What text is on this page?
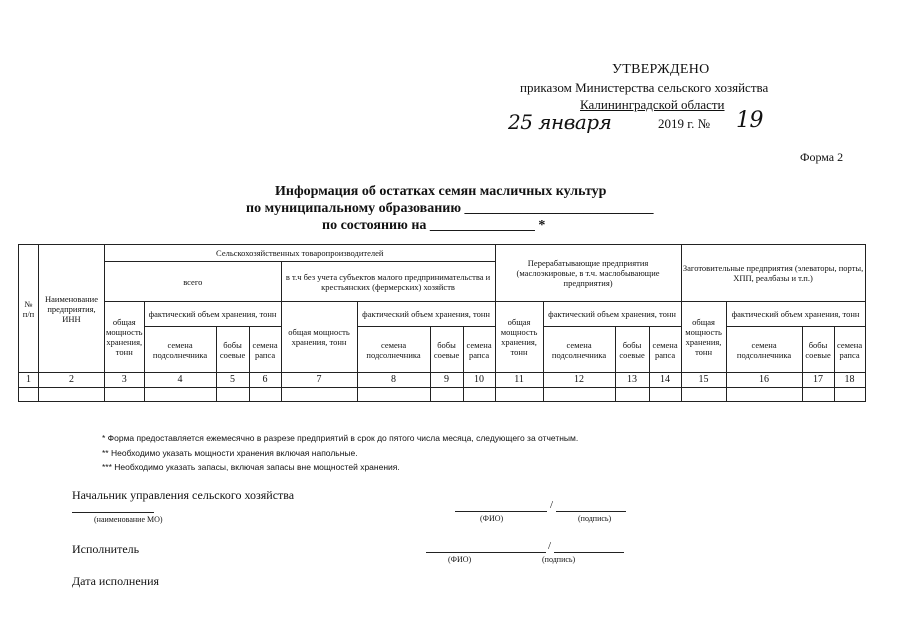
УТВЕРЖДЕНО
приказом Министерства сельского хозяйства
Калининградской области
25 января	2019 г. № 19
Форма 2
Информация об остатках семян масличных культур
по муниципальному образованию ___________________________
по состоянию на _______________ *
№ п/п	Наименование предприятия, ИНН	Сельскохозяйственных товаропроизводителей								Перерабатывающие предприятия (маслоэкировые, в т.ч. маслобывающие предприятия)				Заготовительные предприятия (элеваторы, порты, ХПП, реалбазы и т.п.)			
		всего				в т.ч без учета субъектов малого предпринимательства и крестьянских (фермерских) хозяйств											
		общая мощность хранения, тонн	фактический объем хранения, тонн			общая мощность хранения, тонн	фактический объем хранения, тонн			общая мощность хранения, тонн	фактический объем хранения, тонн			общая мощность хранения, тонн	фактический объем хранения, тонн		
			семена подсолнечника	бобы соевые	семена рапса		семена подсолнечника	бобы соевые	семена рапса		семена подсолнечника	бобы соевые	семена рапса		семена подсолнечника	бобы соевые	семена рапса
1	2	3	4	5	6	7	8	9	10	11	12	13	14	15	16	17	18

* Форма предоставляется ежемесячно в разрезе предприятий в срок до пятого числа месяца, следующего за отчетным.
** Необходимо указать мощности хранения включая напольные.
*** Необходимо указать запасы, включая запасы вне мощностей хранения.
Начальник управления сельского хозяйства
(наименование МО)
/
(ФИО)	(подпись)
Исполнитель	/
(ФИО)	(подпись)
Дата исполнения
